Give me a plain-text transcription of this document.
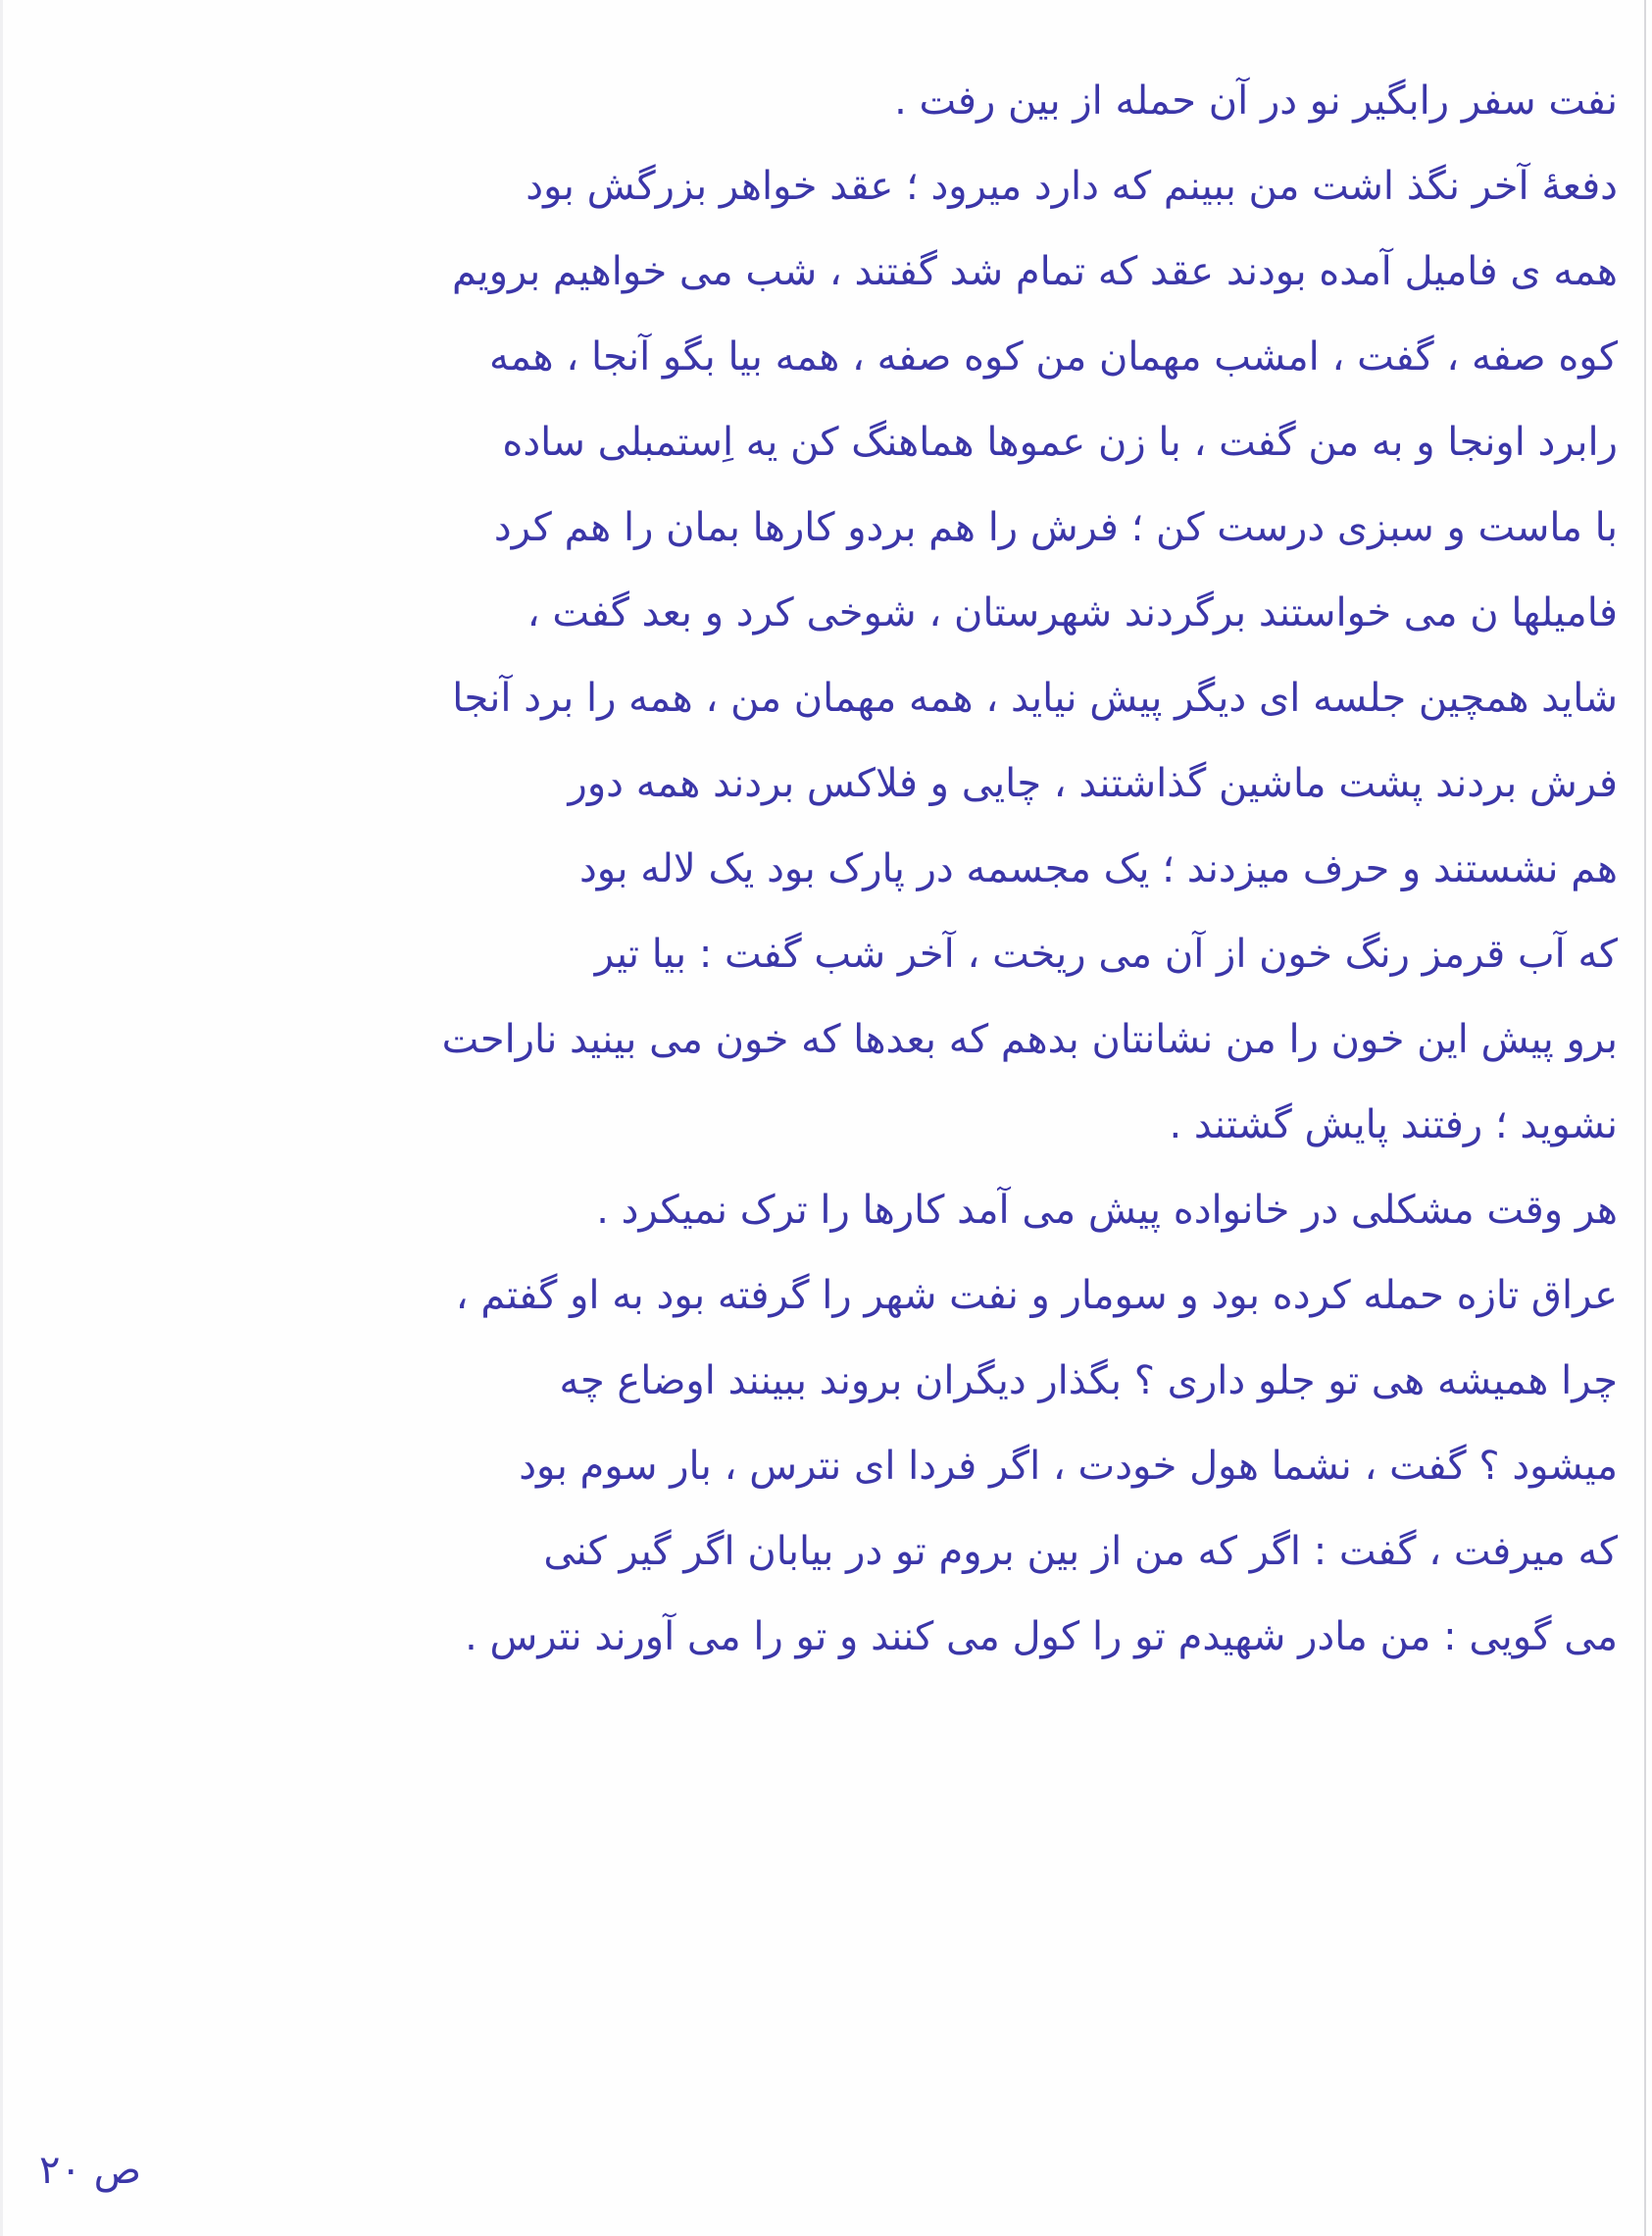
نفت سفر رابگیر نو در آن حمله از بین رفت .
دفعهٔ آخر نگذ اشت من ببینم که دارد میرود ؛ عقد خواهر بزرگش بود
همه ی فامیل آمده بودند عقد که تمام شد گفتند ، شب می خواهیم برویم
کوه صفه ، گفت ، امشب مهمان من کوه صفه ، همه بیا بگو آنجا ، همه
رابرد اونجا و به من گفت ، با زن عموها هماهنگ کن یه اِستمبلی ساده
با ماست و سبزی درست کن ؛ فرش را هم بردو کارها بمان را هم کرد
فامیلها ن می خواستند برگردند شهرستان ، شوخی کرد و بعد گفت ،
شاید همچین جلسه ای دیگر پیش نیاید ، همه مهمان من ، همه را برد آنجا
فرش بردند پشت ماشین گذاشتند ، چایی و فلاکس بردند همه دور
هم نشستند و حرف میزدند ؛ یک مجسمه در پارک بود یک لاله بود
که آب قرمز رنگ خون از آن می ریخت ، آخر شب گفت : بیا تیر
برو پیش این خون را من نشانتان بدهم که بعدها که خون می بینید ناراحت
نشوید ؛ رفتند پایش گشتند .
هر وقت مشکلی در خانواده پیش می آمد کارها را ترک نمیکرد .
عراق تازه حمله کرده بود و سومار و نفت شهر را گرفته بود به او گفتم ،
چرا همیشه هی تو جلو داری ؟ بگذار دیگران بروند ببینند اوضاع چه
میشود ؟ گفت ، نشما هول خودت ، اگر فردا ای نترس ، بار سوم بود
که میرفت ، گفت : اگر که من از بین بروم تو در بیابان اگر گیر کنی
می گویی : من مادر شهیدم تو را کول می کنند و تو را می آورند نترس .
ص ۲۰
